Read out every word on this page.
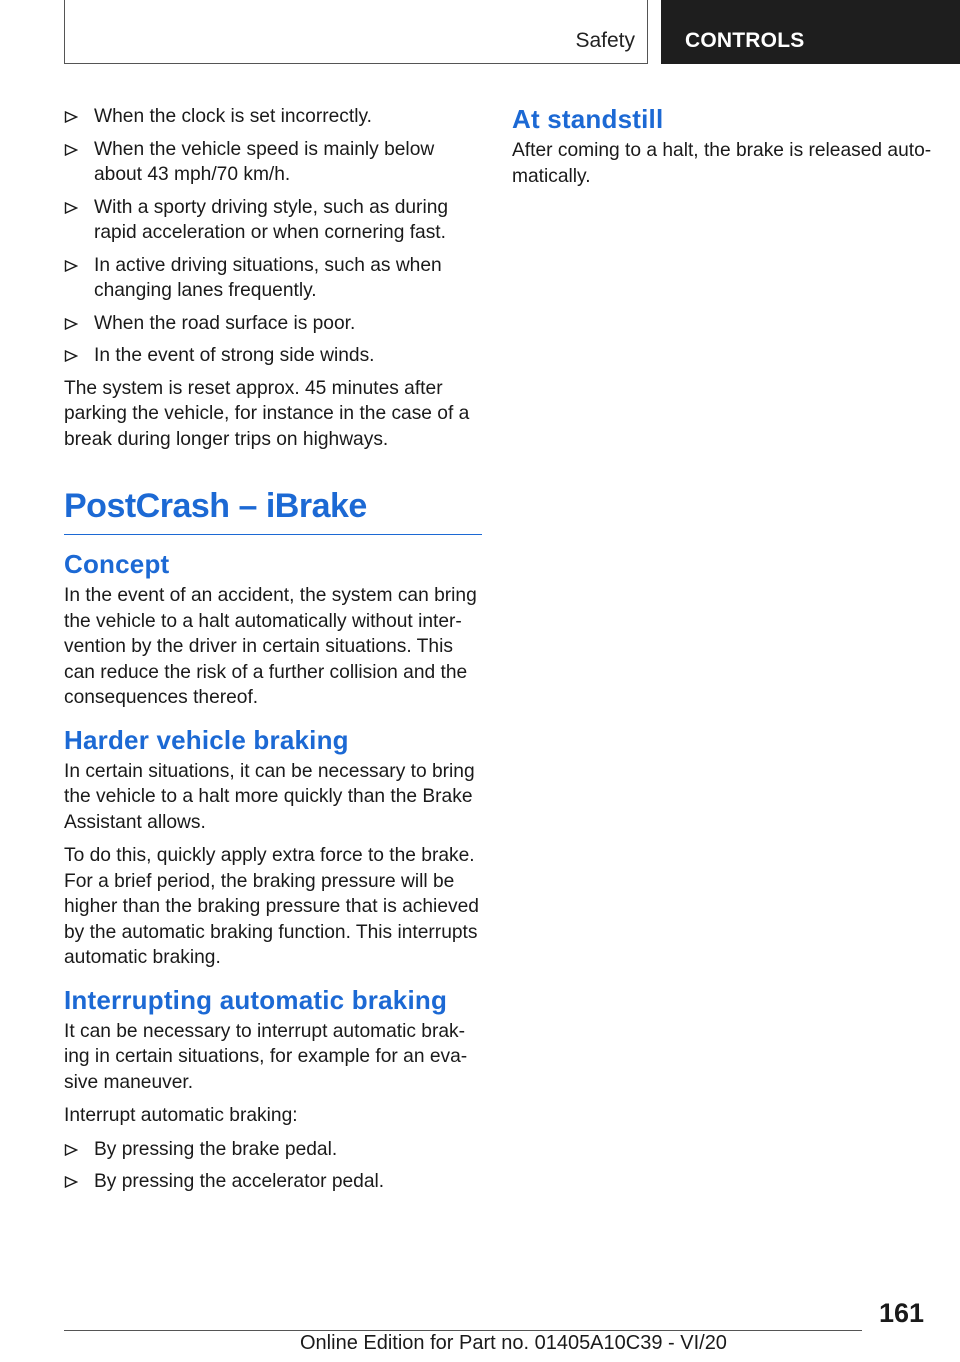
Safety CONTROLS
When the clock is set incorrectly.
When the vehicle speed is mainly below about 43 mph/70 km/h.
With a sporty driving style, such as during rapid acceleration or when cornering fast.
In active driving situations, such as when changing lanes frequently.
When the road surface is poor.
In the event of strong side winds.

The system is reset approx. 45 minutes after parking the vehicle, for instance in the case of a break during longer trips on highways.

PostCrash – iBrake
Concept

In the event of an accident, the system can bring the vehicle to a halt automatically without inter‐ vention by the driver in certain situations. This can reduce the risk of a further collision and the consequences thereof.

Harder vehicle braking

In certain situations, it can be necessary to bring the vehicle to a halt more quickly than the Brake Assistant allows.

To do this, quickly apply extra force to the brake. For a brief period, the braking pressure will be higher than the braking pressure that is achieved by the automatic braking function. This interrupts automatic braking.

Interrupting automatic braking

It can be necessary to interrupt automatic brak‐ ing in certain situations, for example for an eva‐ sive maneuver.

Interrupt automatic braking:

By pressing the brake pedal.
By pressing the accelerator pedal.
At standstill

After coming to a halt, the brake is released auto‐ matically.

161
Online Edition for Part no. 01405A10C39 - VI/20
